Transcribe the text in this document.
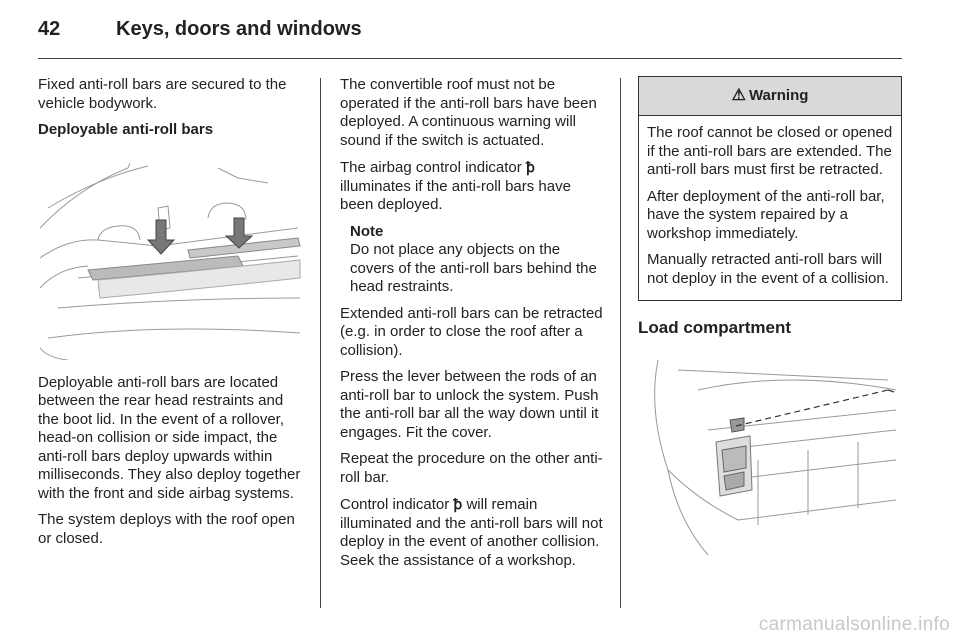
42	Keys, doors and windows

Fixed anti-roll bars are secured to the vehicle bodywork.

Deployable anti-roll bars

Deployable anti-roll bars are located between the rear head restraints and the boot lid. In the event of a rollover, head-on collision or side impact, the anti-roll bars deploy upwards within milliseconds. They also deploy together with the front and side airbag systems.

The system deploys with the roof open or closed.

The convertible roof must not be operated if the anti-roll bars have been deployed. A continuous warning will sound if the switch is actuated.

The airbag control indicator ꝥ illuminates if the anti-roll bars have been deployed.

Note
Do not place any objects on the covers of the anti-roll bars behind the head restraints.

Extended anti-roll bars can be retracted (e.g. in order to close the roof after a collision).

Press the lever between the rods of an anti-roll bar to unlock the system. Push the anti-roll bar all the way down until it engages. Fit the cover.

Repeat the procedure on the other anti-roll bar.

Control indicator ꝥ will remain illuminated and the anti-roll bars will not deploy in the event of another collision. Seek the assistance of a workshop.

⚠ Warning

The roof cannot be closed or opened if the anti-roll bars are extended. The anti-roll bars must first be retracted.

After deployment of the anti-roll bar, have the system repaired by a workshop immediately.

Manually retracted anti-roll bars will not deploy in the event of a collision.

Load compartment
carmanualsonline.info
